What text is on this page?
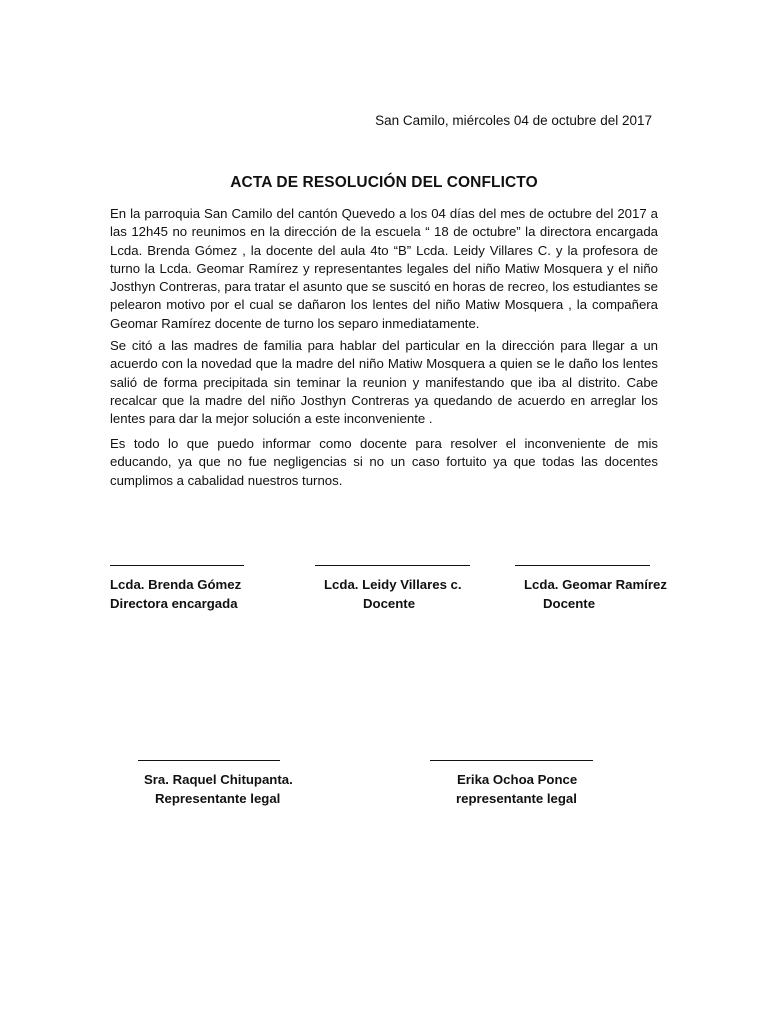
San Camilo, miércoles 04 de octubre del 2017
ACTA DE RESOLUCIÓN DEL CONFLICTO

En la parroquia San Camilo del cantón Quevedo a los 04 días del mes de octubre del 2017 a las 12h45 no reunimos en la dirección de la escuela “ 18 de octubre” la directora encargada Lcda. Brenda Gómez , la docente del aula 4to “B” Lcda. Leidy Villares C. y la profesora de turno la Lcda. Geomar Ramírez y representantes legales del niño Matiw Mosquera y el niño Josthyn Contreras, para tratar el asunto que se suscitó en horas de recreo, los estudiantes se pelearon motivo por el cual se dañaron los lentes del niño Matiw Mosquera , la compañera Geomar Ramírez docente de turno los separo inmediatamente.

Se citó a las madres de familia para hablar del particular en la dirección para llegar a un acuerdo con la novedad que la madre del niño Matiw Mosquera a quien se le daño los lentes salió de forma precipitada sin teminar la reunion y manifestando que iba al distrito. Cabe recalcar que la madre del niño Josthyn Contreras ya quedando de acuerdo en arreglar los lentes para dar la mejor solución a este inconveniente .

Es todo lo que puedo informar como docente para resolver el inconveniente de mis educando, ya que no fue negligencias si no un caso fortuito ya que todas las docentes cumplimos a cabalidad nuestros turnos.

Lcda. Brenda Gómez
Directora encargada
Lcda. Leidy Villares c.
Docente
Lcda. Geomar Ramírez
Docente
Sra. Raquel Chitupanta.
Representante legal
Erika Ochoa Ponce
representante legal
